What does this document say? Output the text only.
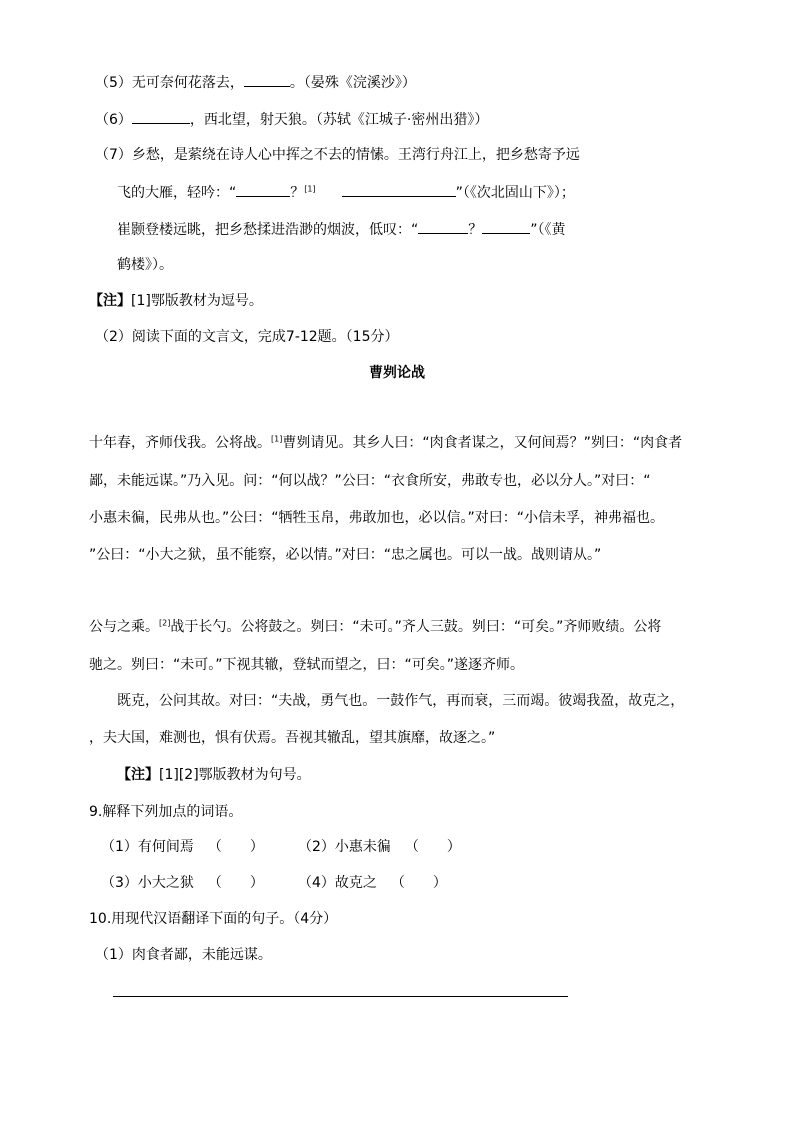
（5）无可奈何花落去，	。（晏殊《浣溪沙》）
（6）	，西北望，射天狼。（苏轼《江城子·密州出猎》）
（7）乡愁，是萦绕在诗人心中挥之不去的情愫。王湾行舟江上，把乡愁寄予远
飞的大雁，轻吟：“	？[1]	”（《次北固山下》）；
崔颢登楼远眺，把乡愁揉进浩渺的烟波，低叹：“	？	”（《黄
鹤楼》）。
【注】[1]鄂版教材为逗号。
（2）阅读下面的文言文，完成7-12题。（15分）
曹刿论战
十年春，齐师伐我。公将战。[1]曹刿请见。其乡人曰：“肉食者谋之，又何间焉？”刿曰：“肉食者
鄙，未能远谋。”乃入见。问：“何以战？”公曰：“衣食所安，弗敢专也，必以分人。”对曰：“
小惠未徧，民弗从也。”公曰：“牺牲玉帛，弗敢加也，必以信。”对曰：“小信未孚，神弗福也。
”公曰：“小大之狱，虽不能察，必以情。”对曰：“忠之属也。可以一战。战则请从。”
公与之乘。[2]战于长勺。公将鼓之。刿曰：“未可。”齐人三鼓。刿曰：“可矣。”齐师败绩。公将
驰之。刿曰：“未可。”下视其辙，登轼而望之，曰：“可矣。”遂逐齐师。
既克，公问其故。对曰：“夫战，勇气也。一鼓作气，再而衰，三而竭。彼竭我盈，故克之，
，夫大国，难测也，惧有伏焉。吾视其辙乱，望其旗靡，故逐之。”
【注】[1][2]鄂版教材为句号。
9.解释下列加点的词语。
（1）有何间焉 （　　） （2）小惠未徧 （　　）
（3）小大之狱 （　　） （4）故克之 （　　）
10.用现代汉语翻译下面的句子。（4分）
（1）肉食者鄙，未能远谋。
